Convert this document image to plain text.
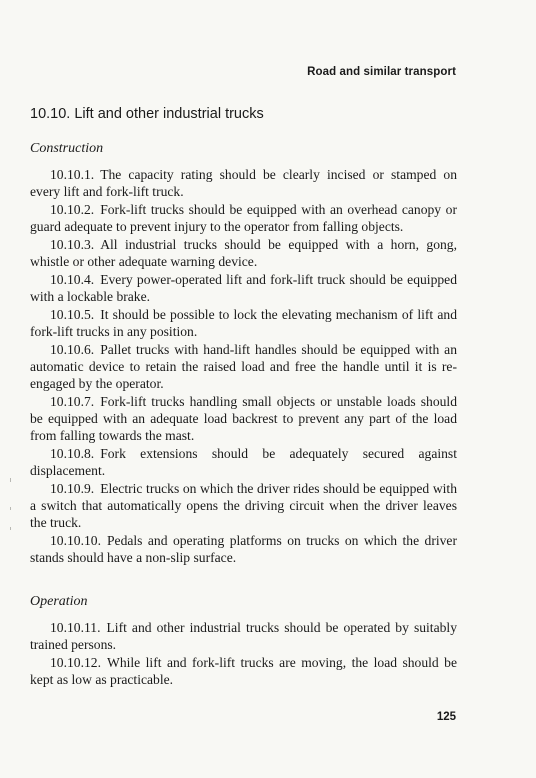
Road and similar transport
10.10. Lift and other industrial trucks
Construction

10.10.1. The capacity rating should be clearly incised or stamped on every lift and fork-lift truck.

10.10.2. Fork-lift trucks should be equipped with an overhead canopy or guard adequate to prevent injury to the operator from falling objects.

10.10.3. All industrial trucks should be equipped with a horn, gong, whistle or other adequate warning device.

10.10.4. Every power-operated lift and fork-lift truck should be equipped with a lockable brake.

10.10.5. It should be possible to lock the elevating mechanism of lift and fork-lift trucks in any position.

10.10.6. Pallet trucks with hand-lift handles should be equipped with an automatic device to retain the raised load and free the handle until it is re-engaged by the operator.

10.10.7. Fork-lift trucks handling small objects or unstable loads should be equipped with an adequate load backrest to prevent any part of the load from falling towards the mast.

10.10.8. Fork extensions should be adequately secured against displacement.

10.10.9. Electric trucks on which the driver rides should be equipped with a switch that automatically opens the driving circuit when the driver leaves the truck.

10.10.10. Pedals and operating platforms on trucks on which the driver stands should have a non-slip surface.

Operation

10.10.11. Lift and other industrial trucks should be operated by suitably trained persons.

10.10.12. While lift and fork-lift trucks are moving, the load should be kept as low as practicable.

125
